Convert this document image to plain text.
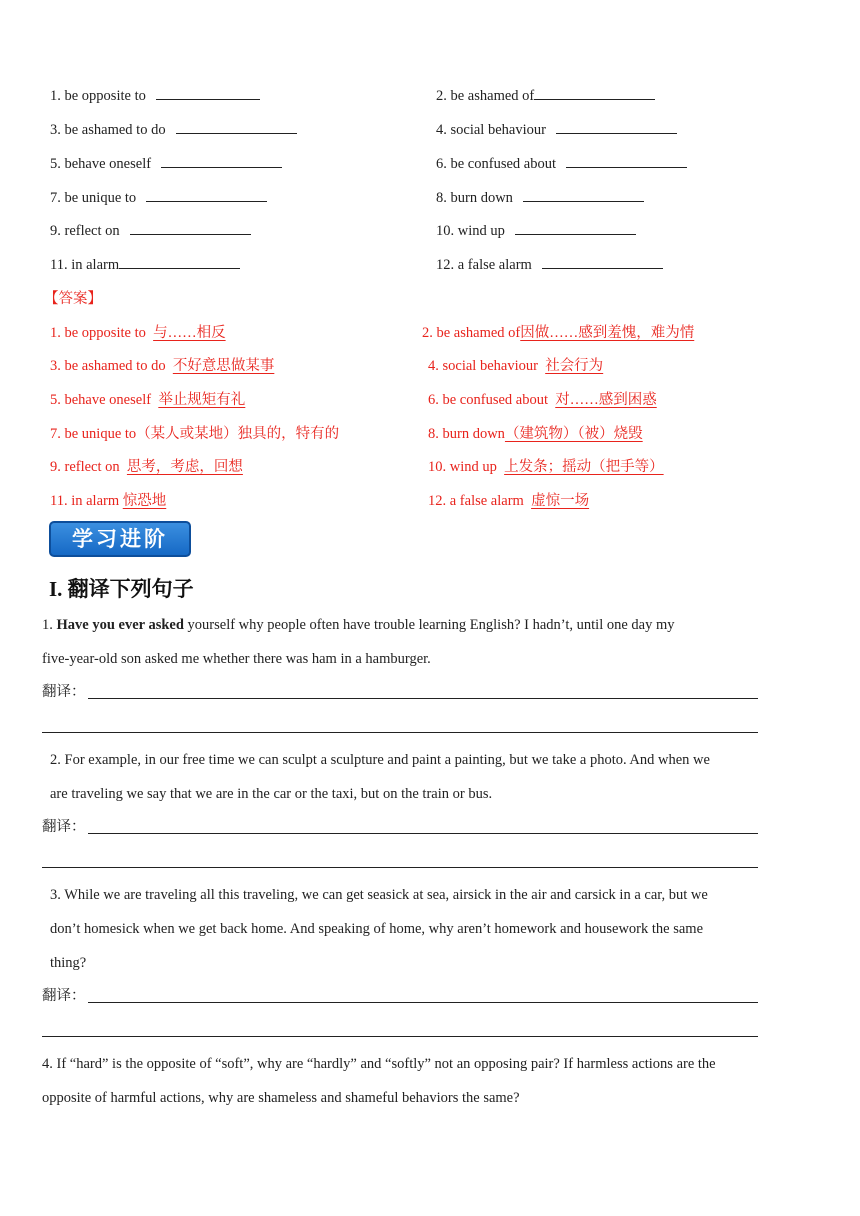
1. be opposite to
3. be ashamed to do
5. behave oneself
7. be unique to
9. reflect on
11. in alarm
2. be ashamed of
4. social behaviour
6. be confused about
8. burn down
10. wind up
12. a false alarm
【答案】
1. be opposite to 与……相反
3. be ashamed to do 不好意思做某事
5. behave oneself 举止规矩有礼
7. be unique to（某人或某地）独具的，特有的
9. reflect on 思考，考虑，回想
11. in alarm 惊恐地
2. be ashamed of因做……感到羞愧，难为情
4. social behaviour 社会行为
6. be confused about 对……感到困惑
8. burn down（建筑物）（被）烧毁
10. wind up 上发条；摇动（把手等）
12. a false alarm 虚惊一场
学习进阶
I. 翻译下列句子
1. Have you ever asked yourself why people often have trouble learning English? I hadn’t, until one day my
five-year-old son asked me whether there was ham in a hamburger.
翻译：
2. For example, in our free time we can sculpt a sculpture and paint a painting, but we take a photo. And when we
are traveling we say that we are in the car or the taxi, but on the train or bus.
翻译：
3. While we are traveling all this traveling, we can get seasick at sea, airsick in the air and carsick in a car, but we
don’t homesick when we get back home. And speaking of home, why aren’t homework and housework the same
thing?
翻译：
4. If “hard” is the opposite of “soft”, why are “hardly” and “softly” not an opposing pair? If harmless actions are the
opposite of harmful actions, why are shameless and shameful behaviors the same?
